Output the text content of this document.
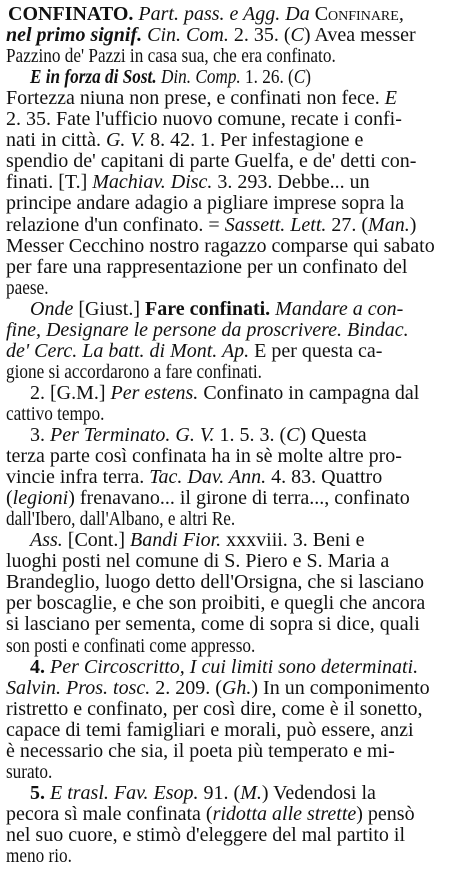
CONFINATO. Part. pass. e Agg. Da Confinare,
nel primo signif. Cin. Com. 2. 35. (C) Avea messer
Pazzino de' Pazzi in casa sua, che era confinato.
E in forza di Sost. Din. Comp. 1. 26. (C)
Fortezza niuna non prese, e confinati non fece. E
2. 35. Fate l'ufficio nuovo comune, recate i confi-
nati in città. G. V. 8. 42. 1. Per infestagione e
spendio de' capitani di parte Guelfa, e de' detti con-
finati. [T.] Machiav. Disc. 3. 293. Debbe... un
principe andare adagio a pigliare imprese sopra la
relazione d'un confinato. = Sassett. Lett. 27. (Man.)
Messer Cecchino nostro ragazzo comparse qui sabato
per fare una rappresentazione per un confinato del
paese.
Onde [Giust.] Fare confinati. Mandare a con-
fine, Designare le persone da proscrivere. Bindac.
de' Cerc. La batt. di Mont. Ap. E per questa ca-
gione si accordarono a fare confinati.
2. [G.M.] Per estens. Confinato in campagna dal
cattivo tempo.
3. Per Terminato. G. V. 1. 5. 3. (C) Questa
terza parte così confinata ha in sè molte altre pro-
vincie infra terra. Tac. Dav. Ann. 4. 83. Quattro
(legioni) frenavano... il girone di terra..., confinato
dall'Ibero, dall'Albano, e altri Re.
Ass. [Cont.] Bandi Fior. xxxviii. 3. Beni e
luoghi posti nel comune di S. Piero e S. Maria a
Brandeglio, luogo detto dell'Orsigna, che si lasciano
per boscaglie, e che son proibiti, e quegli che ancora
si lasciano per sementa, come di sopra si dice, quali
son posti e confinati come appresso.
4. Per Circoscritto, I cui limiti sono determinati.
Salvin. Pros. tosc. 2. 209. (Gh.) In un componimento
ristretto e confinato, per così dire, come è il sonetto,
capace di temi famigliari e morali, può essere, anzi
è necessario che sia, il poeta più temperato e mi-
surato.
5. E trasl. Fav. Esop. 91. (M.) Vedendosi la
pecora sì male confinata (ridotta alle strette) pensò
nel suo cuore, e stimò d'eleggere del mal partito il
meno rio.
